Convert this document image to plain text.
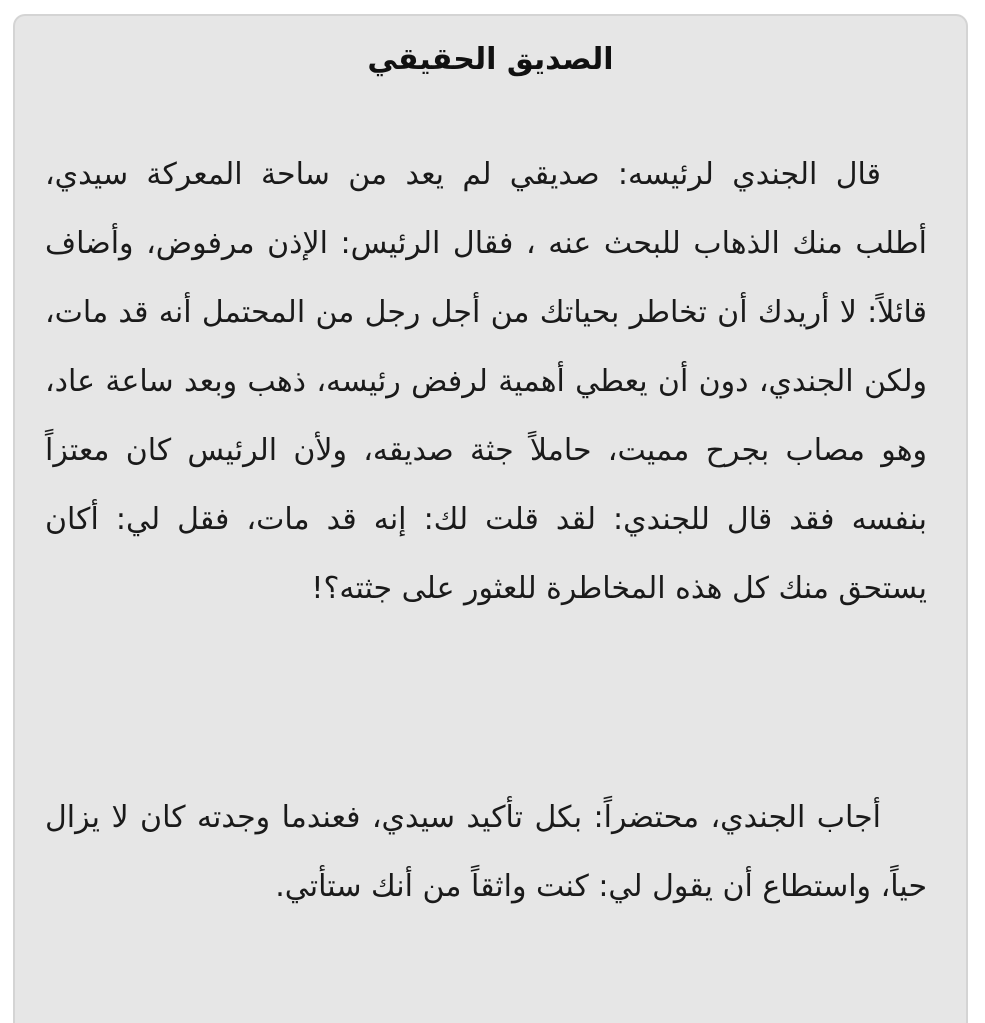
الصديق الحقيقي

قال الجندي لرئيسه: صديقي لم يعد من ساحة المعركة سيدي، أطلب منك الذهاب للبحث عنه ، فقال الرئيس: الإذن مرفوض، وأضاف قائلاً: لا أريدك أن تخاطر بحياتك من أجل رجل من المحتمل أنه قد مات، ولكن الجندي، دون أن يعطي أهمية لرفض رئيسه، ذهب وبعد ساعة عاد، وهو مصاب بجرح مميت، حاملاً جثة صديقه، ولأن الرئيس كان معتزاً بنفسه فقد قال للجندي: لقد قلت لك: إنه قد مات، فقل لي: أكان يستحق منك كل هذه المخاطرة للعثور على جثته؟!

أجاب الجندي، محتضراً: بكل تأكيد سيدي، فعندما وجدته كان لا يزال حياً، واستطاع أن يقول لي: كنت واثقاً من أنك ستأتي.
